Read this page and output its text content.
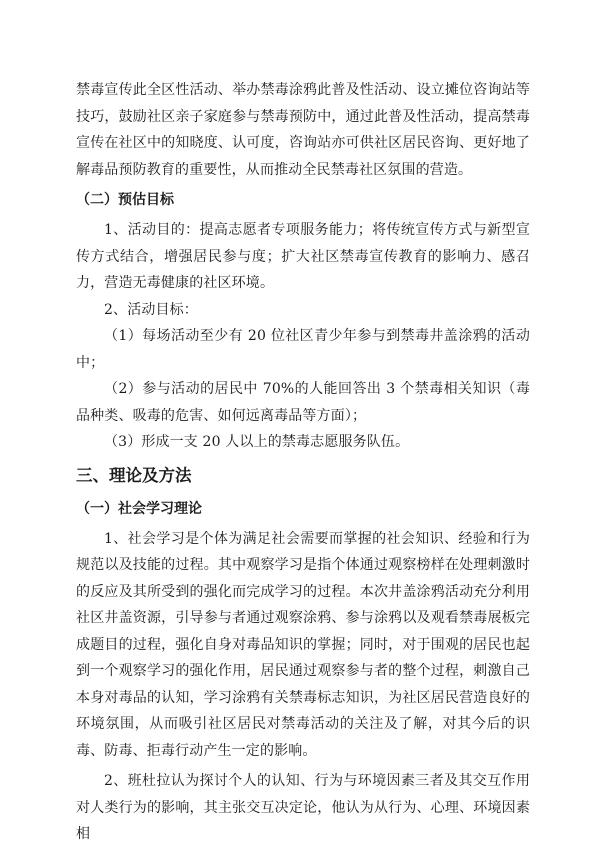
禁毒宣传此全区性活动、举办禁毒涂鸦此普及性活动、设立摊位咨询站等技巧，鼓励社区亲子家庭参与禁毒预防中，通过此普及性活动，提高禁毒宣传在社区中的知晓度、认可度，咨询站亦可供社区居民咨询、更好地了解毒品预防教育的重要性，从而推动全民禁毒社区氛围的营造。

（二）预估目标

1、活动目的：提高志愿者专项服务能力；将传统宣传方式与新型宣传方式结合，增强居民参与度；扩大社区禁毒宣传教育的影响力、感召力，营造无毒健康的社区环境。

2、活动目标：

（1）每场活动至少有 20 位社区青少年参与到禁毒井盖涂鸦的活动中；

（2）参与活动的居民中 70%的人能回答出 3 个禁毒相关知识（毒品种类、吸毒的危害、如何远离毒品等方面）；

（3）形成一支 20 人以上的禁毒志愿服务队伍。

三、理论及方法
（一）社会学习理论

1、社会学习是个体为满足社会需要而掌握的社会知识、经验和行为规范以及技能的过程。其中观察学习是指个体通过观察榜样在处理刺激时的反应及其所受到的强化而完成学习的过程。本次井盖涂鸦活动充分利用社区井盖资源，引导参与者通过观察涂鸦、参与涂鸦以及观看禁毒展板完成题目的过程，强化自身对毒品知识的掌握；同时，对于围观的居民也起到一个观察学习的强化作用，居民通过观察参与者的整个过程，刺激自己本身对毒品的认知，学习涂鸦有关禁毒标志知识，为社区居民营造良好的环境氛围，从而吸引社区居民对禁毒活动的关注及了解，对其今后的识毒、防毒、拒毒行动产生一定的影响。

2、班杜拉认为探讨个人的认知、行为与环境因素三者及其交互作用对人类行为的影响，其主张交互决定论，他认为从行为、心理、环境因素相
